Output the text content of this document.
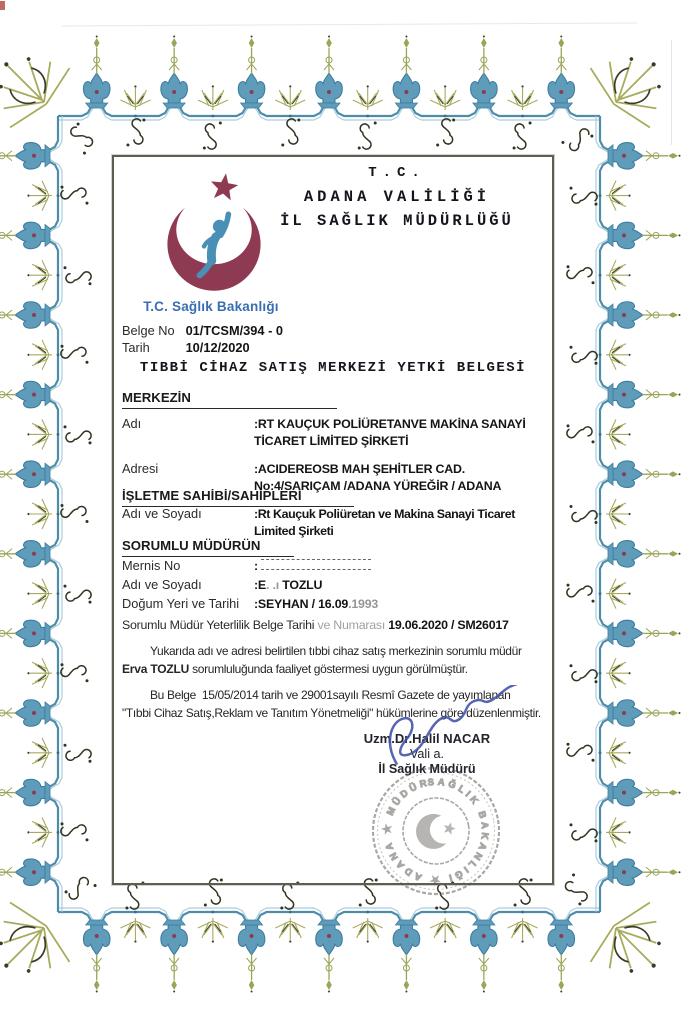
T.C. Sağlık Bakanlığı
T.C.
ADANA VALİLİĞİ
İL SAĞLIK MÜDÜRLÜĞÜ
Belge No 01/TCSM/394 - 0
Tarih	10/12/2020
TIBBİ CİHAZ SATIŞ MERKEZİ YETKİ BELGESİ
MERKEZİN
Adı	:RT KAUÇUK POLİÜRETANVE MAKİNA SANAYİ TİCARET LİMİTED ŞİRKETİ
Adresi	:ACIDEREOSB MAH ŞEHİTLER CAD.  No:4/SARIÇAM /ADANA YÜREĞİR / ADANA
İŞLETME SAHİBİ/SAHİPLERİ
Adı ve Soyadı	:Rt Kauçuk Poliüretan ve Makina Sanayi Ticaret Limited Şirketi
SORUMLU MÜDÜRÜN
Mernis No	:
Adı ve Soyadı	:E. .ı TOZLU
Doğum Yeri ve Tarihi :SEYHAN / 16.09.1993
Sorumlu Müdür Yeterlilik Belge Tarihi ve Numarası 19.06.2020 / SM26017
Yukarıda adı ve adresi belirtilen tıbbi cihaz satış merkezinin sorumlu müdür Erva TOZLU sorumluluğunda faaliyet göstermesi uygun görülmüştür.
Bu Belge  15/05/2014 tarih ve 29001sayılı Resmî Gazete de yayımlanan "Tıbbi Cihaz Satış,Reklam ve Tanıtım Yönetmeliği" hükümlerine göre düzenlenmiştir.
Uzm.Dr.Halil NACAR
Vali a.
İl Sağlık Müdürü
SAĞLIK BAKANLIĞI ★ ADANA ★ MÜDÜRLÜĞÜ ★
